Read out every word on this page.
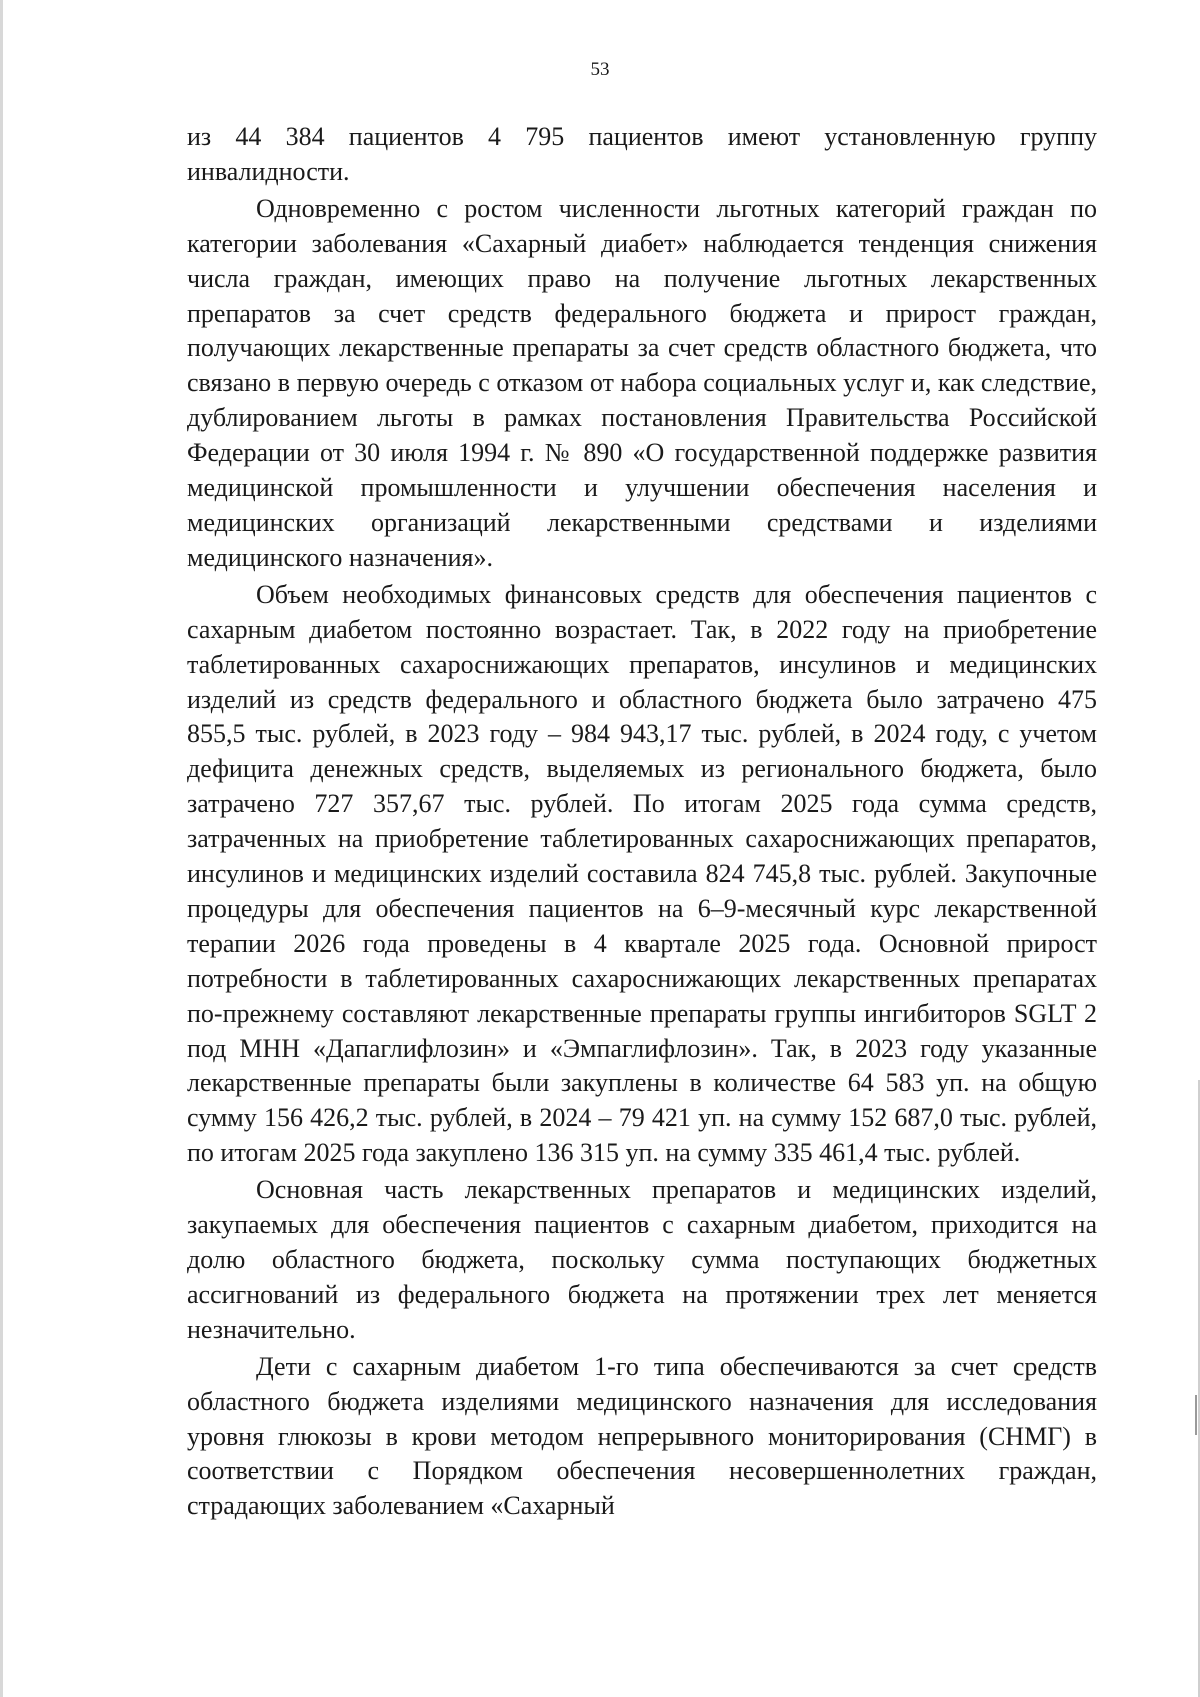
53

из 44 384 пациентов 4 795 пациентов имеют установленную группу инвалидности.

Одновременно с ростом численности льготных категорий граждан по категории заболевания «Сахарный диабет» наблюдается тенденция снижения числа граждан, имеющих право на получение льготных лекарственных препаратов за счет средств федерального бюджета и прирост граждан, получающих лекарственные препараты за счет средств областного бюджета, что связано в первую очередь с отказом от набора социальных услуг и, как следствие, дублированием льготы в рамках постановления Правительства Российской Федерации от 30 июля 1994 г. № 890 «О государственной поддержке развития медицинской промышленности и улучшении обеспечения населения и медицинских организаций лекарственными средствами и изделиями медицинского назначения».

Объем необходимых финансовых средств для обеспечения пациентов с сахарным диабетом постоянно возрастает. Так, в 2022 году на приобретение таблетированных сахароснижающих препаратов, инсулинов и медицинских изделий из средств федерального и областного бюджета было затрачено 475 855,5 тыс. рублей, в 2023 году – 984 943,17 тыс. рублей, в 2024 году, с учетом дефицита денежных средств, выделяемых из регионального бюджета, было затрачено 727 357,67 тыс. рублей. По итогам 2025 года сумма средств, затраченных на приобретение таблетированных сахароснижающих препаратов, инсулинов и медицинских изделий составила 824 745,8 тыс. рублей. Закупочные процедуры для обеспечения пациентов на 6–9-месячный курс лекарственной терапии 2026 года проведены в 4 квартале 2025 года. Основной прирост потребности в таблетированных сахароснижающих лекарственных препаратах по-прежнему составляют лекарственные препараты группы ингибиторов SGLT 2 под МНН «Дапаглифлозин» и «Эмпаглифлозин». Так, в 2023 году указанные лекарственные препараты были закуплены в количестве 64 583 уп. на общую сумму 156 426,2 тыс. рублей, в 2024 – 79 421 уп. на сумму 152 687,0 тыс. рублей, по итогам 2025 года закуплено 136 315 уп. на сумму 335 461,4 тыс. рублей.

Основная часть лекарственных препаратов и медицинских изделий, закупаемых для обеспечения пациентов с сахарным диабетом, приходится на долю областного бюджета, поскольку сумма поступающих бюджетных ассигнований из федерального бюджета на протяжении трех лет меняется незначительно.

Дети с сахарным диабетом 1-го типа обеспечиваются за счет средств областного бюджета изделиями медицинского назначения для исследования уровня глюкозы в крови методом непрерывного мониторирования (СНМГ) в соответствии с Порядком обеспечения несовершеннолетних граждан, страдающих заболеванием «Сахарный
